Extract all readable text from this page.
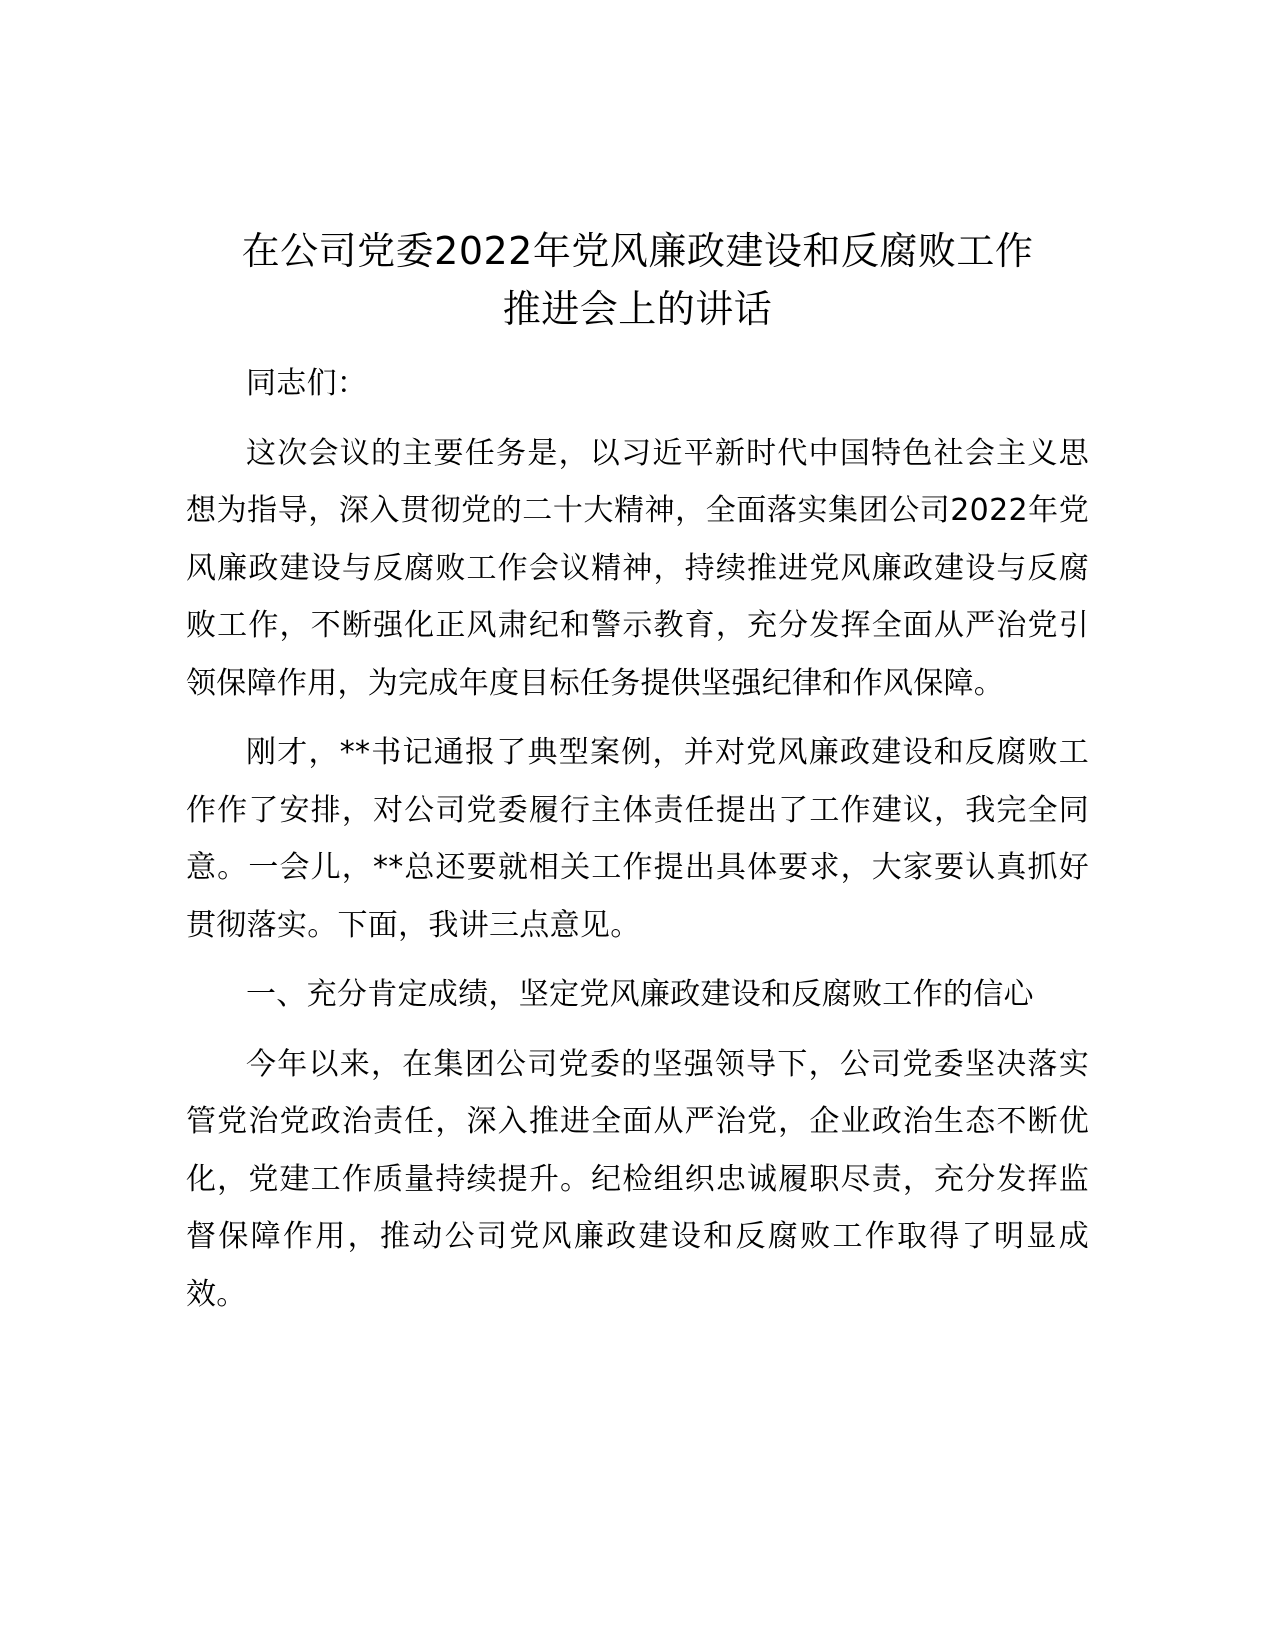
在公司党委2022年党风廉政建设和反腐败工作
推进会上的讲话

同志们：

这次会议的主要任务是，以习近平新时代中国特色社会主义思想为指导，深入贯彻党的二十大精神，全面落实集团公司2022年党风廉政建设与反腐败工作会议精神，持续推进党风廉政建设与反腐败工作，不断强化正风肃纪和警示教育，充分发挥全面从严治党引领保障作用，为完成年度目标任务提供坚强纪律和作风保障。

刚才，**书记通报了典型案例，并对党风廉政建设和反腐败工作作了安排，对公司党委履行主体责任提出了工作建议，我完全同意。一会儿，**总还要就相关工作提出具体要求，大家要认真抓好贯彻落实。下面，我讲三点意见。

一、充分肯定成绩，坚定党风廉政建设和反腐败工作的信心

今年以来，在集团公司党委的坚强领导下，公司党委坚决落实管党治党政治责任，深入推进全面从严治党，企业政治生态不断优化，党建工作质量持续提升。纪检组织忠诚履职尽责，充分发挥监督保障作用，推动公司党风廉政建设和反腐败工作取得了明显成效。
